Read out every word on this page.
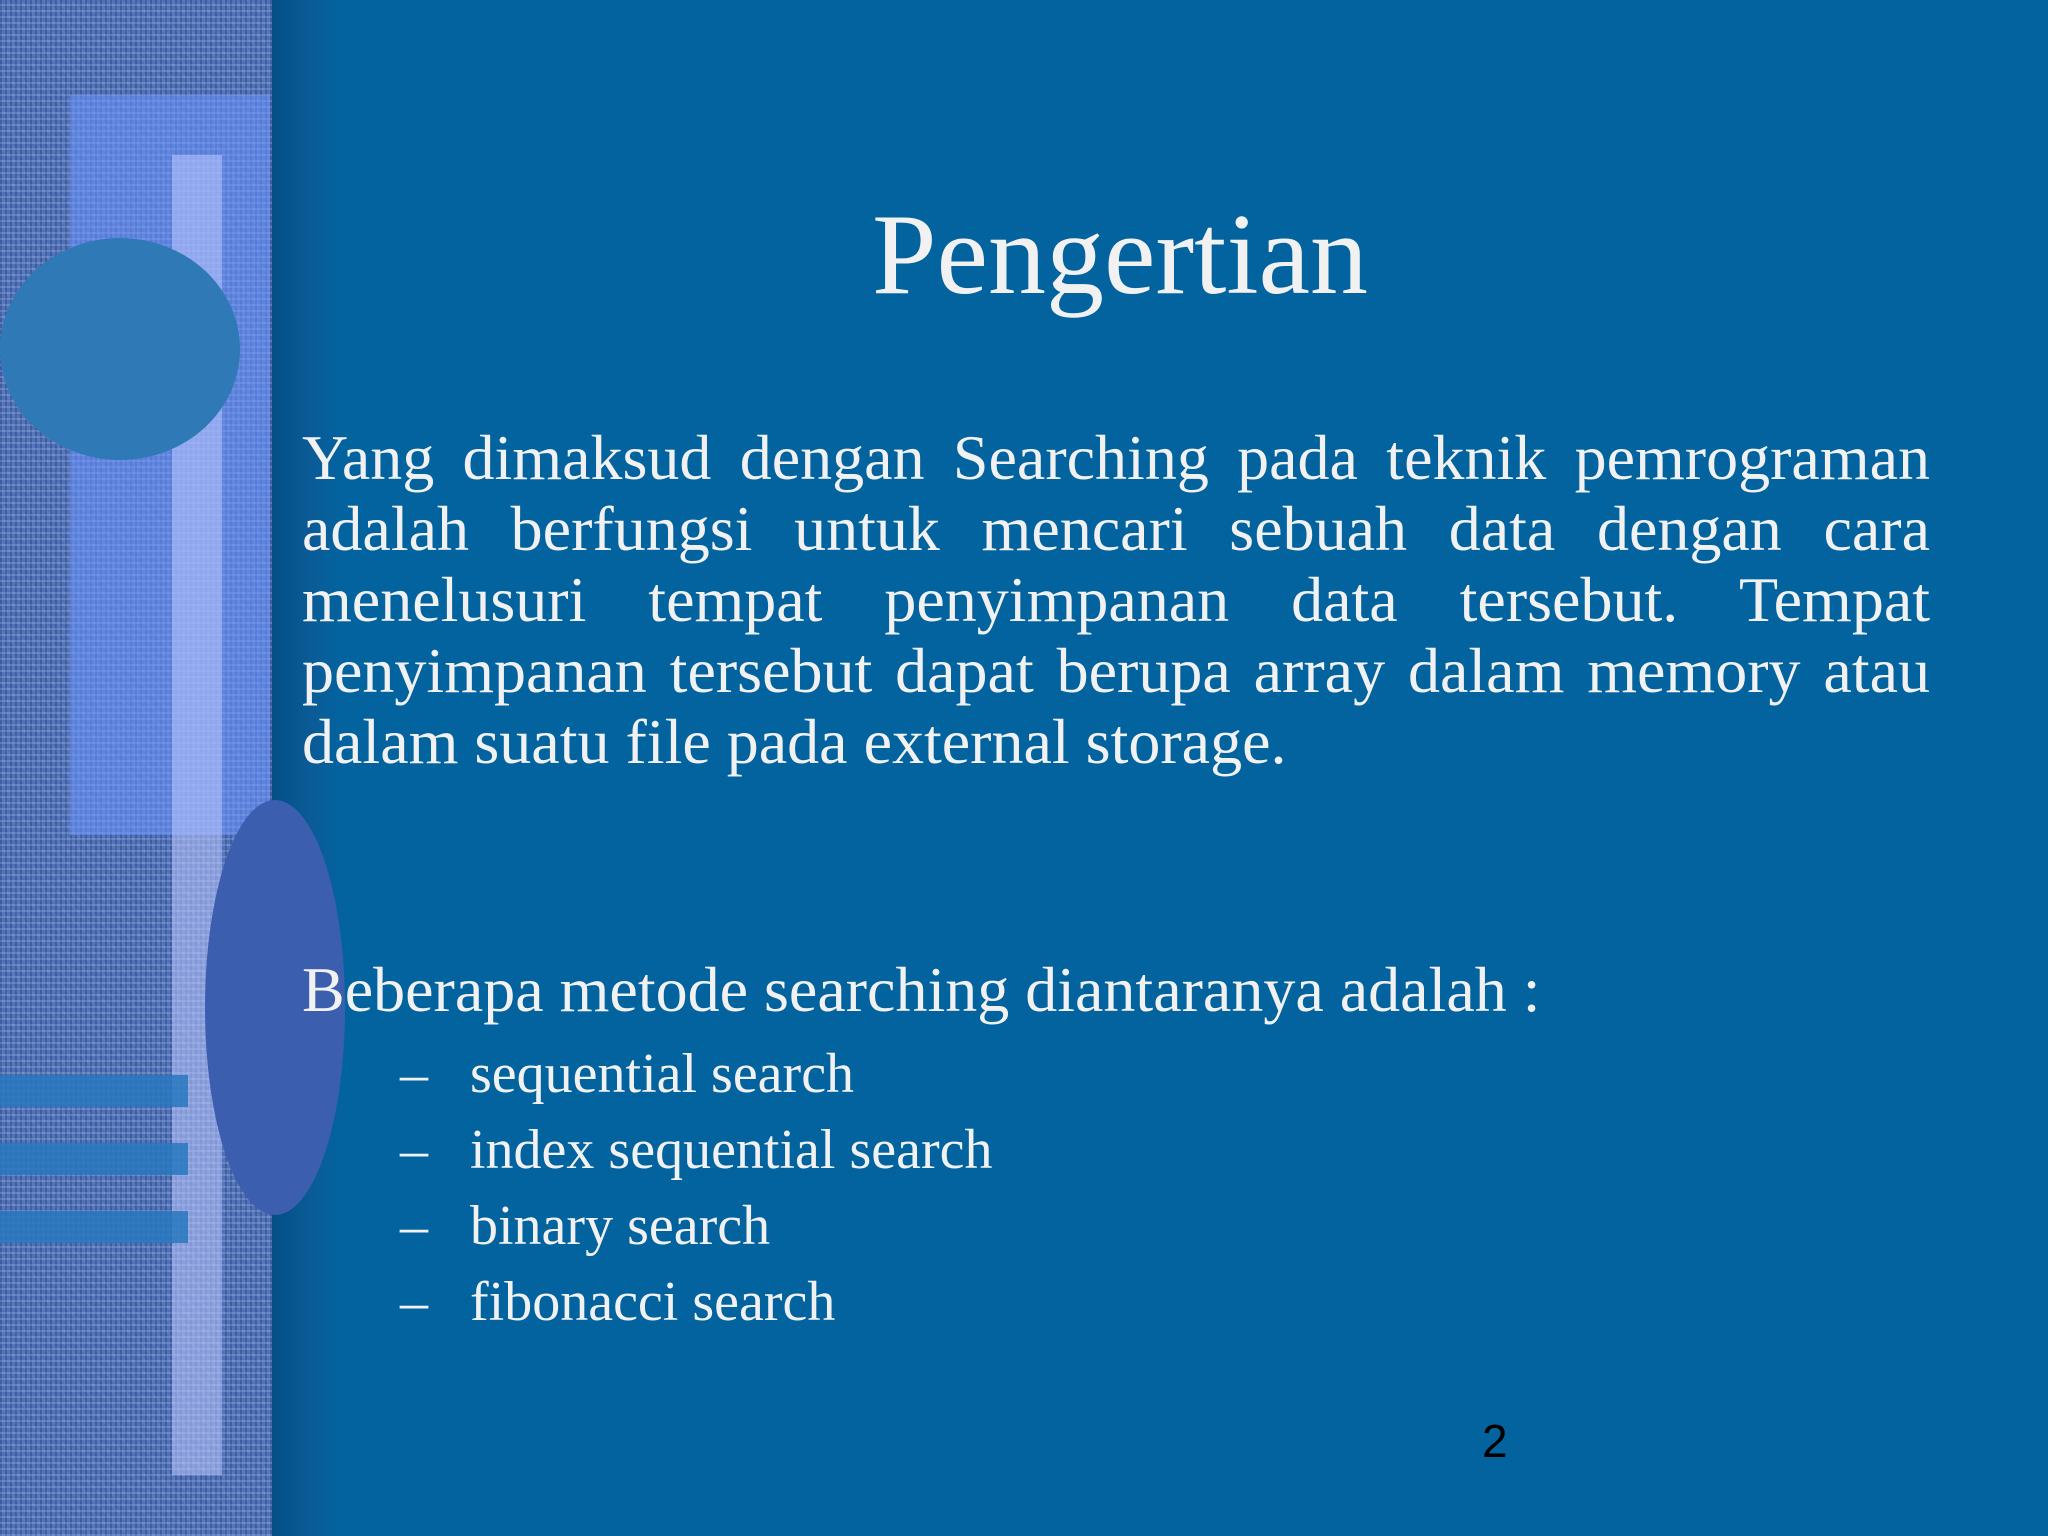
Pengertian
Yang dimaksud dengan Searching pada teknik pemrograman adalah berfungsi untuk mencari sebuah data dengan cara menelusuri tempat penyimpanan data tersebut. Tempat penyimpanan tersebut dapat berupa array dalam memory atau dalam suatu file pada external storage.
Beberapa metode searching diantaranya adalah :
– sequential search
– index sequential search
– binary search
– fibonacci search
2
